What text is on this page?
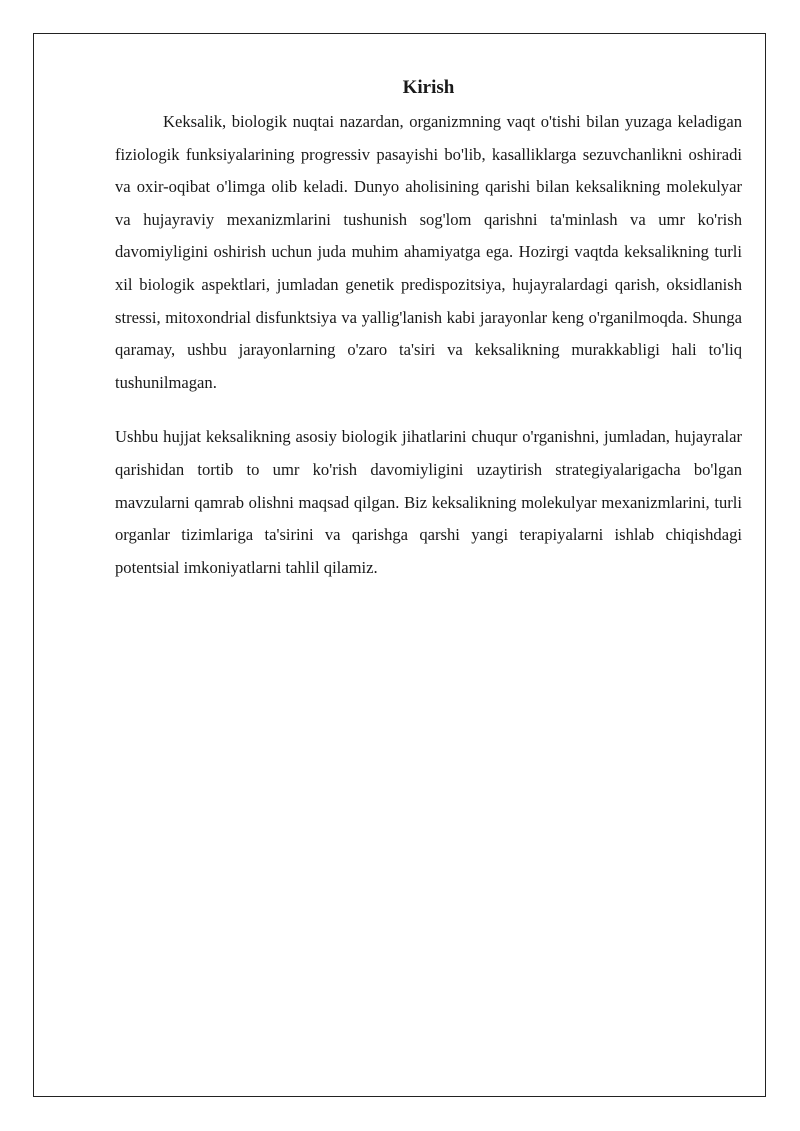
Kirish

Keksalik, biologik nuqtai nazardan, organizmning vaqt o'tishi bilan yuzaga keladigan fiziologik funksiyalarining progressiv pasayishi bo'lib, kasalliklarga sezuvchanlikni oshiradi va oxir-oqibat o'limga olib keladi. Dunyo aholisining qarishi bilan keksalikning molekulyar va hujayraviy mexanizmlarini tushunish sog'lom qarishni ta'minlash va umr ko'rish davomiyligini oshirish uchun juda muhim ahamiyatga ega. Hozirgi vaqtda keksalikning turli xil biologik aspektlari, jumladan genetik predispozitsiya, hujayralardagi qarish, oksidlanish stressi, mitoxondrial disfunktsiya va yallig'lanish kabi jarayonlar keng o'rganilmoqda. Shunga qaramay, ushbu jarayonlarning o'zaro ta'siri va keksalikning murakkabligi hali to'liq tushunilmagan.

Ushbu hujjat keksalikning asosiy biologik jihatlarini chuqur o'rganishni, jumladan, hujayralar qarishidan tortib to umr ko'rish davomiyligini uzaytirish strategiyalarigacha bo'lgan mavzularni qamrab olishni maqsad qilgan. Biz keksalikning molekulyar mexanizmlarini, turli organlar tizimlariga ta'sirini va qarishga qarshi yangi terapiyalarni ishlab chiqishdagi potentsial imkoniyatlarni tahlil qilamiz.
